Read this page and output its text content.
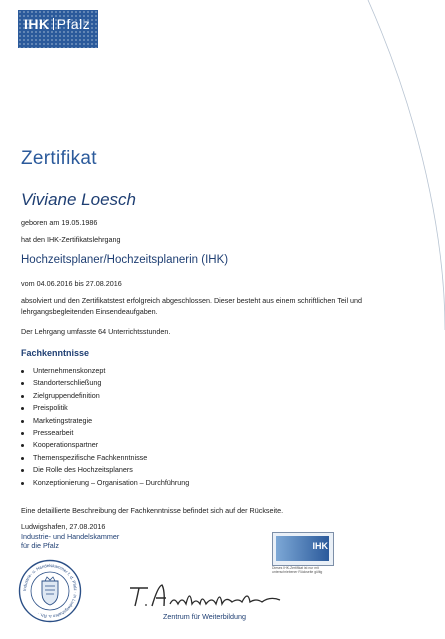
IHK Pfalz
Zertifikat
Viviane Loesch
geboren am 19.05.1986
hat den IHK-Zertifikatslehrgang
Hochzeitsplaner/Hochzeitsplanerin (IHK)
vom 04.06.2016 bis 27.08.2016
absolviert und den Zertifikatstest erfolgreich abgeschlossen. Dieser besteht aus einem schriftlichen Teil und lehrgangsbegleitenden Einsendeaufgaben.
Der Lehrgang umfasste 64 Unterrichtsstunden.
Fachkenntnisse
Unternehmenskonzept
Standorterschließung
Zielgruppendefinition
Preispolitik
Marketingstrategie
Pressearbeit
Kooperationspartner
Themenspezifische Fachkenntnisse
Die Rolle des Hochzeitsplaners
Konzeptionierung – Organisation – Durchführung
Eine detaillierte Beschreibung der Fachkenntnisse befindet sich auf der Rückseite.
Ludwigshafen, 27.08.2016
Industrie- und Handelskammer
für die Pfalz
Industrie- u. Handelskammer f. d. Pfalz · in Ludwigshafen a. Rh. ·	Zentrum für Weiterbildung
IHK
Dieses IHK-Zertifikat ist nur mit unterschriebener Rückseite gültig
